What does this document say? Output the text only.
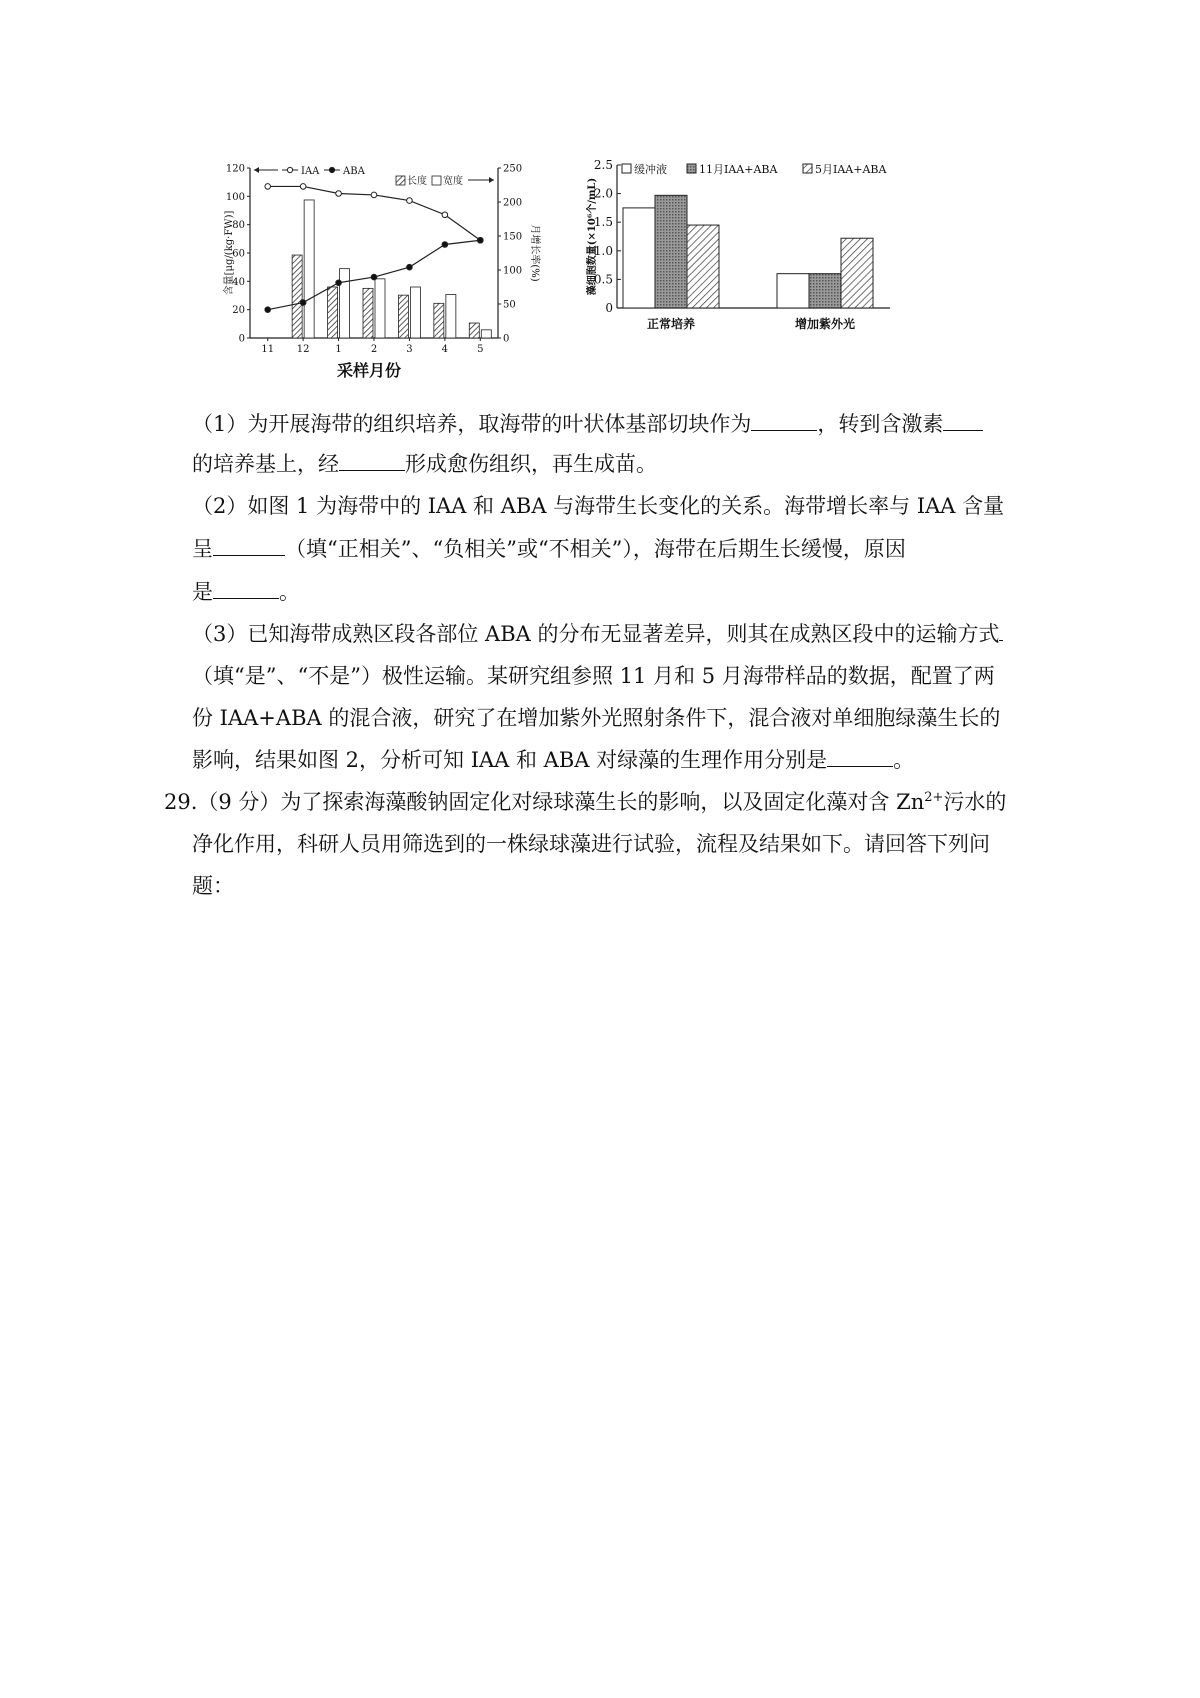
0
20
40
60
80
100
120
0
50
100
150
200
250
11 12	1	2	3	4	5
IAA ABA
长度 宽度
含量[μg/(kg·FW)]	月增长率(%)
采样月份
0
0.5
1.0
1.5
2.0
2.5
正常培养	增加紫外光
缓冲液	11月IAA+ABA	5月IAA+ABA
藻细胞数量(×10⁶个/mL)
（1）为开展海带的组织培养，取海带的叶状体基部切块作为	，转到含激素
的培养基上，经	形成愈伤组织，再生成苗。
（2）如图 1 为海带中的 IAA 和 ABA 与海带生长变化的关系。海带增长率与 IAA 含量
呈	（填“正相关”、“负相关”或“不相关”），海带在后期生长缓慢，原因
是	。
（3）已知海带成熟区段各部位 ABA 的分布无显著差异，则其在成熟区段中的运输方式
（填“是”、“不是”）极性运输。某研究组参照 11 月和 5 月海带样品的数据，配置了两
份 IAA+ABA 的混合液，研究了在增加紫外光照射条件下，混合液对单细胞绿藻生长的
影响，结果如图 2，分析可知 IAA 和 ABA 对绿藻的生理作用分别是	。
29.（9 分）为了探索海藻酸钠固定化对绿球藻生长的影响，以及固定化藻对含 $Zn^{2+}$污水的
净化作用，科研人员用筛选到的一株绿球藻进行试验，流程及结果如下。请回答下列问
题：
